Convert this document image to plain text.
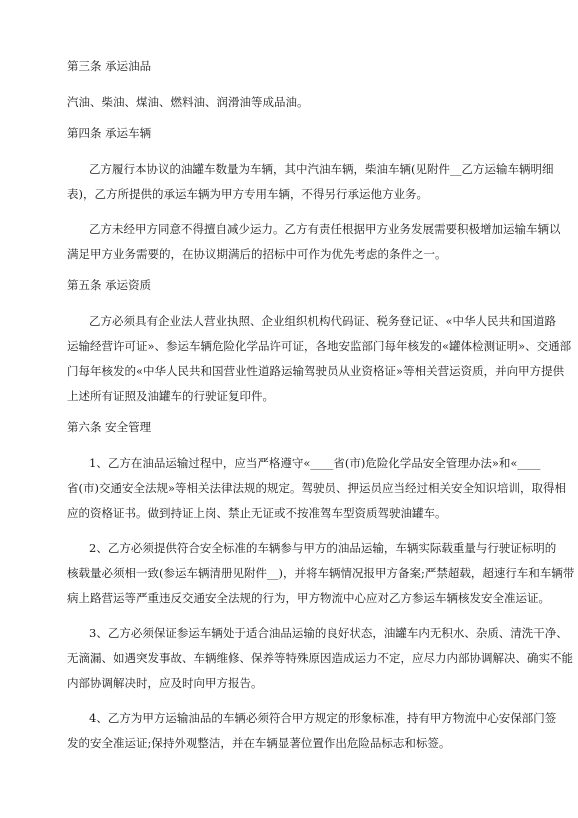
第三条 承运油品
汽油、柴油、煤油、燃料油、润滑油等成品油。
第四条 承运车辆
乙方履行本协议的油罐车数量为车辆，其中汽油车辆，柴油车辆(见附件__乙方运输车辆明细
表)，乙方所提供的承运车辆为甲方专用车辆，不得另行承运他方业务。
乙方未经甲方同意不得擅自减少运力。乙方有责任根据甲方业务发展需要积极增加运输车辆以
满足甲方业务需要的，在协议期满后的招标中可作为优先考虑的条件之一。
第五条 承运资质
乙方必须具有企业法人营业执照、企业组织机构代码证、税务登记证、«中华人民共和国道路
运输经营许可证»、参运车辆危险化学品许可证，各地安监部门每年核发的«罐体检测证明»、交通部
门每年核发的«中华人民共和国营业性道路运输驾驶员从业资格证»等相关营运资质，并向甲方提供
上述所有证照及油罐车的行驶证复印件。
第六条 安全管理
1、乙方在油品运输过程中，应当严格遵守«____省(市)危险化学品安全管理办法»和«____
省(市)交通安全法规»等相关法律法规的规定。驾驶员、押运员应当经过相关安全知识培训，取得相
应的资格证书。做到持证上岗、禁止无证或不按准驾车型资质驾驶油罐车。
2、乙方必须提供符合安全标准的车辆参与甲方的油品运输，车辆实际载重量与行驶证标明的
核载量必须相一致(参运车辆清册见附件__)，并将车辆情况报甲方备案;严禁超载，超速行车和车辆带
病上路营运等严重违反交通安全法规的行为，甲方物流中心应对乙方参运车辆核发安全准运证。
3、乙方必须保证参运车辆处于适合油品运输的良好状态，油罐车内无积水、杂质、清洗干净、
无滴漏、如遇突发事故、车辆维修、保养等特殊原因造成运力不定，应尽力内部协调解决、确实不能
内部协调解决时，应及时向甲方报告。
4、乙方为甲方运输油品的车辆必须符合甲方规定的形象标准，持有甲方物流中心安保部门签
发的安全准运证;保持外观整洁，并在车辆显著位置作出危险品标志和标签。
